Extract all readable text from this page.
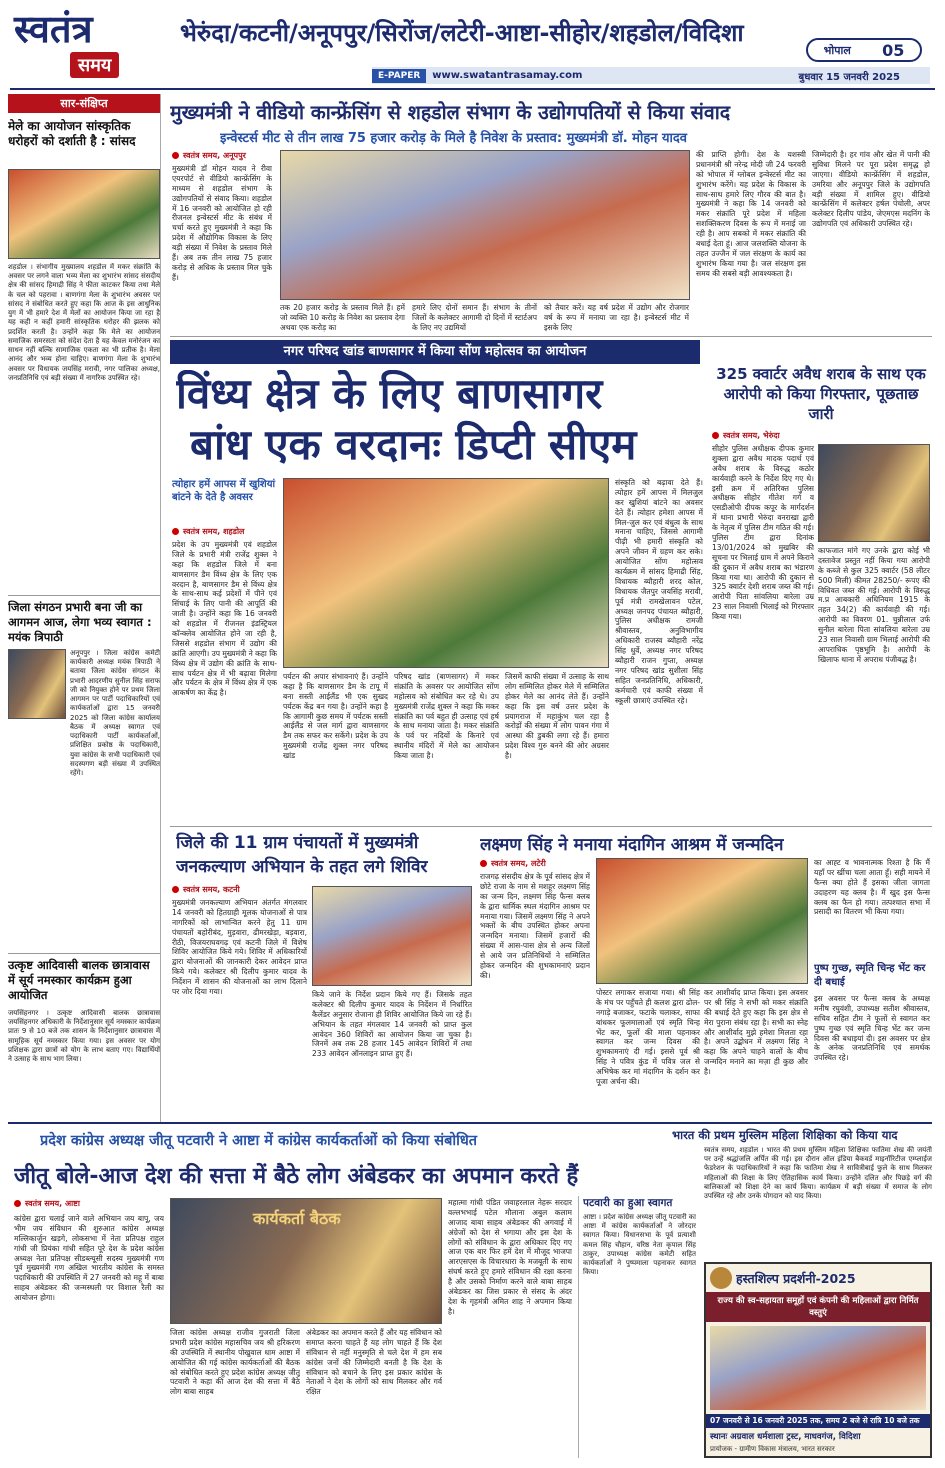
स्वतंत्र
समय
भेरुंदा/कटनी/अनूपपुर/सिरोंज/लटेरी-आष्टा-सीहोर/शहडोल/विदिशा
भोपाल 05
E-PAPER	www.swatantrasamay.com	बुधवार 15 जनवरी 2025
सार-संक्षिप्त
मेले का आयोजन सांस्कृतिक धरोहरों को दर्शाती है : सांसद
शहडोल । संभागीय मुख्यालय शहडोल में मकर संक्रांति के अवसर पर लगने वाला भव्य मेला का शुभारंभ सांसद संसदीय क्षेत्र की सांसद हिमाद्री सिंह ने फीता काटकर किया तथा मेले के चल को पहरावा । बाणगंगा मेला के शुभारंभ अवसर पर सांसद ने संबोधित करते हुए कहा कि आज के इस आधुनिक युग में भी हमारे देश में मेलों का आयोजन किया जा रहा है यह कही न कहीं हमारी सांस्कृतिक धरोहर की झलक को प्रदर्शित करती है। उन्होंने कहा कि मेले का आयोजन समाजिक समरसता को संदेश देता है यह केवल मनोरंजन का साधन नहीं बल्कि सामाजिक एकता का भी प्रतीक है। मेला आनंद और भव्य होना चाहिए। बाणगंगा मेला के शुभारंभ अवसर पर विधायक जयसिंह मरावी, नगर पालिका अध्यक्ष, जनप्रतिनिधि एवं बड़ी संख्या में नागरिक उपस्थित रहे।
जिला संगठन प्रभारी बना जी का आगमन आज, लेगा भव्य स्वागत : मयंक त्रिपाठी
अनूपपुर । जिला कांग्रेस कमेटी कार्यकारी अध्यक्ष मयंक त्रिपाठी ने बताया जिला कांग्रेस संगठन के प्रभारी आदरणीय सुनील सिंह सराफ जी को नियुक्त होने पर प्रथम जिला आगमन पर पार्टी पदाधिकारियों एवं कार्यकर्ताओं द्वारा 15 जनवरी 2025 को जिला कांग्रेस कार्यालय बैठक में अध्यक्ष स्वागत एवं पदाधिकारी पार्टी कार्यकर्ताओं, प्रशिक्षित प्रकोष्ठ के पदाधिकारी, युवा कांग्रेस के सभी पदाधिकारी एवं सदस्यगण बड़ी संख्या में उपस्थित रहेंगे।
उत्कृष्ट आदिवासी बालक छात्रावास में सूर्य नमस्कार कार्यक्रम हुआ आयोजित
जयसिंहनगर । उत्कृष्ट आदिवासी बालक छात्रावास जयसिंहनगर अधिकारी के निर्देशानुसार सूर्य नमस्कार कार्यक्रम प्रातः 9 से 10 बजे तक शासन के निर्देशानुसार छात्रावास में सामूहिक सूर्य नमस्कार किया गया। इस अवसर पर योग प्रशिक्षक द्वारा छात्रों को योग के लाभ बताए गए। विद्यार्थियों ने उत्साह के साथ भाग लिया।
मुख्यमंत्री ने वीडियो कान्फ्रेंसिंग से शहडोल संभाग के उद्योगपतियों से किया संवाद
इन्वेस्टर्स मीट से तीन लाख 75 हजार करोड़ के मिले है निवेश के प्रस्ताव: मुख्यमंत्री डॉ. मोहन यादव
स्वतंत्र समय, अनूपपुर
मुख्यमंत्री डॉ मोहन यादव ने रीवा एयरपोर्ट से वीडियो कान्फ्रेंसिंग के माध्यम से शहडोल संभाग के उद्योगपतियों से संवाद किया। शहडोल में 16 जनवरी को आयोजित हो रही रीजनल इन्वेस्टर्स मीट के संबंध में चर्चा करते हुए मुख्यमंत्री ने कहा कि प्रदेश में औद्योगिक विकास के लिए बड़ी संख्या में निवेश के प्रस्ताव मिले हैं। अब तक तीन लाख 75 हजार करोड़ से अधिक के प्रस्ताव मिल चुके हैं।
तक 20 हजार करोड़ के प्रस्ताव मिले हैं। हमें जो व्यक्ति 10 करोड़ के निवेश का प्रस्ताव देगा अथवा एक करोड़ का
हमारे लिए दोनों समान हैं। संभाग के तीनों जिलों के कलेक्टर आगामी दो दिनों में स्टार्टअप के लिए नए उद्यमियों
को तैयार करें। यह वर्ष प्रदेश में उद्योग और रोजगार वर्ष के रूप में मनाया जा रहा है। इन्वेस्टर्स मीट में इसके लिए
की प्राप्ति होगी। देश के यशस्वी प्रधानमंत्री श्री नरेन्द्र मोदी जी 24 फरवरी को भोपाल में ग्लोबल इन्वेस्टर्स मीट का शुभारंभ करेंगे। यह प्रदेश के विकास के साथ-साथ हमारे लिए गौरव की बात है। मुख्यमंत्री ने कहा कि 14 जनवरी को मकर संक्रांति पूरे प्रदेश में महिला सशक्तिकरण दिवस के रूप में मनाई जा रही है। आप सबको में मकर संक्रांति की बधाई देता हूं। आज जलशक्ति योजना के तहत उज्जैन में जल संरक्षण के कार्य का शुभारंभ किया गया है। जल संरक्षण इस समय की सबसे बड़ी आवश्यकता है।
जिम्मेदारी है। हर गांव और खेत में पानी की सुविधा मिलने पर पूरा प्रदेश समृद्ध हो जाएगा। वीडियो कान्फ्रेंसिंग में शहडोल, उमरिया और अनूपपुर जिले के उद्योगपति बड़ी संख्या में शामिल हुए। वीडियो कान्फ्रेंसिंग में कलेक्टर हर्षल पंचोली, अपर कलेक्टर दिलीप पांडेय, जेएमएस मदनिंग के उद्योगपति एवं अधिकारी उपस्थित रहे।
नगर परिषद खांड बाणसागर में किया सोंण महोत्सव का आयोजन
विंध्य क्षेत्र के लिए बाणसागर
बांध एक वरदानः डिप्टी सीएम
त्योहार हमें आपस में खुशियां बांटने के देते है अवसर
स्वतंत्र समय, शहडोल
प्रदेश के उप मुख्यमंत्री एवं शहडोल जिले के प्रभारी मंत्री राजेंद्र शुक्ल ने कहा कि शहडोल जिले में बना बाणसागर डैम विंध्य क्षेत्र के लिए एक वरदान है, बाणसागर डैम से विंध्य क्षेत्र के साथ-साथ कई प्रदेशों में पीने एवं सिंचाई के लिए पानी की आपूर्ति की जाती है। उन्होंने कहा कि 16 जनवरी को शहडोल में रीजनल इंडस्ट्रियल कॉन्क्लेव आयोजित होने जा रही है, जिससे शहडोल संभाग में उद्योग की क्रांति आएगी। उप मुख्यमंत्री ने कहा कि विंध्य क्षेत्र में उद्योग की क्रांति के साथ-साथ पर्यटन क्षेत्र में भी बढ़ावा मिलेगा और पर्यटन के क्षेत्र में विंध्य क्षेत्र में एक आकर्षण का केंद्र है।
पर्यटन की अपार संभावनाएं हैं। उन्होंने कहा है कि बाणसागर डैम के टापू में बना सस्ती आईलैंड भी एक सुखद पर्यटक केंद्र बन गया है। उन्होंने कहा है कि आगामी कुछ समय में पर्यटक सस्ती आईलैंड से जल मार्ग द्वारा बाणसागर डैम तक सफर कर सकेंगे। प्रदेश के उप मुख्यमंत्री राजेंद्र शुक्ल नगर परिषद खांड
परिषद खांड (बाणसागर) में मकर संक्रांति के अवसर पर आयोजित सोंण महोत्सव को संबोधित कर रहे थे। उप मुख्यमंत्री राजेंद्र शुक्ल ने कहा कि मकर संक्रांति का पर्व बहुत ही उत्साह एवं हर्ष के साथ मनाया जाता है। मकर संक्रांति के पर्व पर नदियों के किनारे एवं स्थानीय मंदिरों में मेले का आयोजन किया जाता है।
जिसमें काफी संख्या में उत्साह के साथ लोग सम्मिलित होकर मेले में सम्मिलित होकर मेले का आनंद लेते हैं। उन्होंने कहा कि इस वर्ष उत्तर प्रदेश के प्रयागराज में महाकुंभ चल रहा है करोड़ों की संख्या में लोग पावन गंगा में आस्था की डुबकी लगा रहे हैं। हमारा प्रदेश विश्व गुरु बनने की ओर अग्रसर है।
संस्कृति को बढ़ावा देते हैं। त्योहार हमें आपस में मिलजुल कर खुशियां बांटने का अवसर देते हैं। त्योहार हमेशा आपस में मिल-जुल कर एवं बंधुत्व के साथ मनाना चाहिए, जिससे आगामी पीढ़ी भी हमारी संस्कृति को अपने जीवन में ग्रहण कर सके। आयोजित सोंण महोत्सव कार्यक्रम में सांसद हिमाद्री सिंह, विधायक ब्यौहारी शरद कोल, विधायक जैतपुर जयसिंह मरावी, पूर्व मंत्री रामखेलावन पटेल, अध्यक्ष जनपद पंचायत ब्यौहारी, पुलिस अधीक्षक रामजी श्रीवास्तव, अनुविभागीय अधिकारी राजस्व ब्यौहारी नरेंद्र सिंह धुर्वे, अध्यक्ष नगर परिषद ब्यौहारी राजन गुप्ता, अध्यक्ष नगर परिषद खांड सुशीला सिंह सहित जनप्रतिनिधि, अधिकारी, कर्मचारी एवं काफी संख्या में स्कूली छात्राएं उपस्थित रहे।
325 क्वार्टर अवैध शराब के साथ एक आरोपी को किया गिरफ्तार, पूछताछ जारी
स्वतंत्र समय, भेरुंदा
सीहोर पुलिस अधीक्षक दीपक कुमार शुक्ला द्वारा अवैध मादक पदार्थ एवं अवैध शराब के विरुद्ध कठोर कार्यवाही करने के निर्देश दिए गए थे। इसी क्रम में अतिरिक्त पुलिस अधीक्षक सीहोर गीतेश गर्ग व एसडीओपी दीपक कपूर के मार्गदर्शन में थाना प्रभारी भेरुंदा वनराखा द्वारी के नेतृत्व में पुलिस टीम गठित की गई। पुलिस टीम द्वारा दिनांक 13/01/2024 को मुखबिर की सूचना पर भिलाई ग्राम में अपने किराने की दुकान में अवैध शराब का भंडारण किया गया था। आरोपी की दुकान से 325 क्वार्टर देशी शराब जब्त की गई। आरोपी पिता सांवलिया बारेला उम्र 23 साल निवासी भिलाई को गिरफ्तार किया गया।
काफजात मांगे गए उनके द्वारा कोई भी दस्तावेज प्रस्तुत नहीं किया गया आरोपी के कब्जे से कुल 325 क्वार्टर (58 लीटर 500 मिली) कीमत 28250/- रूपए की विधिवत जब्त की गई। आरोपी के विरुद्ध म.प्र आबकारी अधिनियम 1915 के तहत 34(2) की कार्यवाही की गई। आरोपी का विवरण 01. चुन्नीलाल उर्फ सुनील बारेला पिता सांवलिया बारेला उम्र 23 साल निवासी ग्राम भिलाई आरोपी की आपराधिक पृष्ठभूमि है। आरोपी के खिलाफ थाना में अपराध पंजीबद्ध है।
जिले की 11 ग्राम पंचायतों में मुख्यमंत्री
जनकल्याण अभियान के तहत लगे शिविर
स्वतंत्र समय, कटनी
मुख्यमंत्री जनकल्याण अभियान अंतर्गत मंगलवार 14 जनवरी को हितग्राही मूलक योजनाओं से पात्र नागरिकों को लाभान्वित करने हेतु 11 ग्राम पंचायतों बहोरीबंद, मुड़वारा, ढीमरखेड़ा, बड़वारा, रीठी, विजयराघवगढ़ एवं कटनी जिले में विशेष शिविर आयोजित किये गये। शिविर में अधिकारियों द्वारा योजनाओं की जानकारी देकर आवेदन प्राप्त किये गये। कलेक्टर श्री दिलीप कुमार यादव के निर्देशन में शासन की योजनाओं का लाभ दिलाने पर जोर दिया गया।	किये जाने के निर्देश प्रदान किये गए हैं। जिसके तहत कलेक्टर श्री दिलीप कुमार यादव के निर्देशन में निर्धारित कैलेंडर अनुसार रोजाना ही शिविर आयोजित किये जा रहे हैं। अभियान के तहत मंगलवार 14 जनवरी को प्राप्त कुल आवेदन 360 शिविरों का आयोजन किया जा चुका है। जिनमें अब तक 28 हजार 145 आवेदन शिविरों में तथा 233 आवेदन ऑनलाइन प्राप्त हुए हैं।
लक्ष्मण सिंह ने मनाया मंदागिन आश्रम में जन्मदिन
स्वतंत्र समय, लटेरी
राजगढ़ संसदीय क्षेत्र के पूर्व सांसद क्षेत्र में छोटे राजा के नाम से मशहूर लक्ष्मण सिंह का जन्म दिन, लक्ष्मण सिंह फैन्स क्लब के द्वारा धार्मिक स्थल मंदागिन आश्रम पर मनाया गया। जिसमें लक्ष्मण सिंह ने अपने भक्तों के बीच उपस्थित होकर अपना जन्मदिन मनाया। जिसमें हजारों की संख्या में आस-पास क्षेत्र से अन्य जिलों से आये जन प्रतिनिधियों ने सम्मिलित होकर जन्मदिन की शुभकामनाएं प्रदान की।
पोस्टर लगाकर सजाया गया। श्री सिंह के मंच पर पहुँचते ही कलश द्वारा ढोल-नगाड़े बजाकर, फटाके चलाकर, साफा बांधकर फूलमालाओं एवं स्मृति चिन्ह भेंट कर, फूलों की माला पहनाकर स्वागत कर जन्म दिवस की शुभकामनाएं दी गई। इससे पूर्व श्री सिंह ने पवित्र कुंड में पवित्र जल से अभिषेक कर मां मंदागिन के दर्शन कर पूजा अर्चना की।
कर आशीर्वाद प्राप्त किया। इस अवसर पर श्री सिंह ने सभी को मकर संक्रांति की बधाई देते हुए कहा कि इस क्षेत्र से मेरा पुराना संबंध रहा है। सभी का स्नेह और आशीर्वाद मुझे हमेशा मिलता रहा है। अपने उद्बोधन में लक्ष्मण सिंह ने कहा कि अपने चाहने वालों के बीच जन्मदिन मनाने का मज़ा ही कुछ और है।
का आह्ट व भावनात्मक रिश्ता है कि मैं यहाँ पर खींचा चला आता हूँ। सही मायने में फैन्स क्या होते हैं इसका जीता जागता उदाहरण यह क्लब है। मैं खुद इस फैन्स क्लब का फैन हो गया। तत्पश्चात सभा में प्रसादी का वितरण भी किया गया।
पुष्प गुच्छ, स्मृति चिन्ह भेंट कर दी बधाई
इस अवसर पर फैन्स क्लब के अध्यक्ष मनीष रघुवंशी, उपाध्यक्ष सतीश श्रीवास्तव, सचिव सहित टीम ने फूलों से स्वागत कर पुष्प गुच्छ एवं स्मृति चिन्ह भेंट कर जन्म दिवस की बधाइयां दी। इस अवसर पर क्षेत्र के अनेक जनप्रतिनिधि एवं समर्थक उपस्थित रहे।
प्रदेश कांग्रेस अध्यक्ष जीतू पटवारी ने आष्टा में कांग्रेस कार्यकर्ताओं को किया संबोधित
जीतू बोले-आज देश की सत्ता में बैठे लोग अंबेडकर का अपमान करते हैं
स्वतंत्र समय, आष्टा
कांग्रेस द्वारा चलाई जाने वाले अभियान जय बापू, जय भीम जय संविधान की शुरुआत कांग्रेस अध्यक्ष मल्लिकार्जुन खड़गे, लोकसभा में नेता प्रतिपक्ष राहुल गांधी जी प्रियंका गांधी सहित पूरे देश के प्रदेश कांग्रेस अध्यक्ष नेता प्रतिपक्ष सीडब्ल्यूसी सदस्य मुख्यमंत्री गण पूर्व मुख्यमंत्री गण अखिल भारतीय कांग्रेस के समस्त पदाधिकारी की उपस्थिति में 27 जनवरी को महू में बाबा साहब अंबेडकर की जन्मस्थली पर विशाल रैली का आयोजन होगा।
कार्यकर्ता बैठक
जिला कांग्रेस अध्यक्ष राजीव गुजराती जिला प्रभारी प्रदेश कांग्रेस महासचिव जय श्री हरिकरण की उपस्थिति में स्थानीय पोखुवाल धाम आष्टा में आयोजित की गई कांग्रेस कार्यकर्ताओं की बैठक को संबोधित करते हुए प्रदेश कांग्रेस अध्यक्ष जीतू पटवारी ने कहा की आज देश की सत्ता में बैठे लोग बाबा साहब
अंबेडकर का अपमान करते हैं और यह संविधान को समाप्त करना चाहते हैं यह लोग चाहते हैं कि देश संविधान से नहीं मनुस्मृति से चले देश में हम सब कांग्रेस जनों की जिम्मेदारी बनती है कि देश के संविधान को बचाने के लिए इस प्रकार कांग्रेस के नेताओं ने देश के लोगों को साथ मिलकर और गर्व रक्षित
महात्मा गांधी पंडित जवाहरलाल नेहरू सरदार वल्लभभाई पटेल मौलाना अबुल कलाम आजाद बाबा साहब अंबेडकर की अगवाई में अंग्रेजों को देश से भगाया और इस देश के लोगों को संविधान के द्वारा अधिकार दिए गए आज एक बार फिर हमें देश में मौजूद भाजपा आरएसएस के विचारधारा के मजबूती के साथ संघर्ष करते हुए हमारे संविधान की रक्षा करना है और उसको निर्माण करने वाले बाबा साहब अंबेडकर का जिस प्रकार से संसद के अंदर देश के गृहमंत्री अमित शाह ने अपमान किया है।
पटवारी का हुआ स्वागत
आष्टा । प्रदेश कांग्रेस अध्यक्ष जीतू पटवारी का आष्टा में कांग्रेस कार्यकर्ताओं ने जोरदार स्वागत किया। विधानसभा के पूर्व प्रत्याशी कमल सिंह चौहान, वरिष्ठ नेता कृपाल सिंह ठाकुर, उपाध्यक्ष कांग्रेस कमेटी सहित कार्यकर्ताओं ने पुष्पमाला पहनाकर स्वागत किया।
भारत की प्रथम मुस्लिम महिला शिक्षिका को किया याद
स्वतंत्र समय, शहडोल । भारत की प्रथम मुस्लिम महिला शिक्षिका फातिमा शेख की जयंती पर उन्हें श्रद्धांजलि अर्पित की गई। इस दौरान ऑल इंडिया बैकवर्ड माइनॉरिटीज एम्प्लाईज फेडरेशन के पदाधिकारियों ने कहा कि फातिमा शेख ने सावित्रीबाई फुले के साथ मिलकर महिलाओं की शिक्षा के लिए ऐतिहासिक कार्य किया। उन्होंने दलित और पिछड़े वर्ग की बालिकाओं को शिक्षा देने का कार्य किया। कार्यक्रम में बड़ी संख्या में समाज के लोग उपस्थित रहे और उनके योगदान को याद किया।
हस्तशिल्प प्रदर्शनी-2025
राज्य की स्व-सहायता समूहों एवं कंपनी की महिलाओं द्वारा निर्मित वस्तुएं
07 जनवरी से 16 जनवरी 2025 तक, समय 2 बजे से रात्रि 10 बजे तक
स्थानः अग्रवाल धर्मशाला ट्रस्ट, माधवगंज, विदिशा
प्रायोजक - ग्रामीण विकास मंत्रालय, भारत सरकार
